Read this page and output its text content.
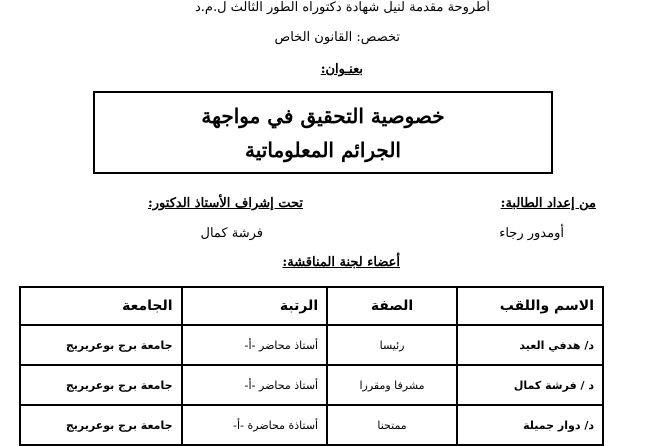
أطروحة مقدمة لنيل شهادة دكتوراه الطور الثالث ل.م.د
تخصص: القانون الخاص
بعنـوان:
خصوصية التحقيق في مواجهة
الجرائم المعلوماتية
من إعداد الطالبة:
تحت إشراف الأستاذ الدكتور:
أومدور رجاء
فرشة كمال
أعضاء لجنة المناقشة:
الاسم واللقب	الصفة	الرتبة	الجامعة
د/ هدفي العيد	رئيسا	أستاذ محاضر -أ-	جامعة برج بوعريريج
د / فرشة كمال	مشرفا ومقررا	أستاذ محاضر -أ-	جامعة برج بوعريريج
د/ دوار جميلة	ممتحنا	أستاذة محاضرة -أ-	جامعة برج بوعريريج
